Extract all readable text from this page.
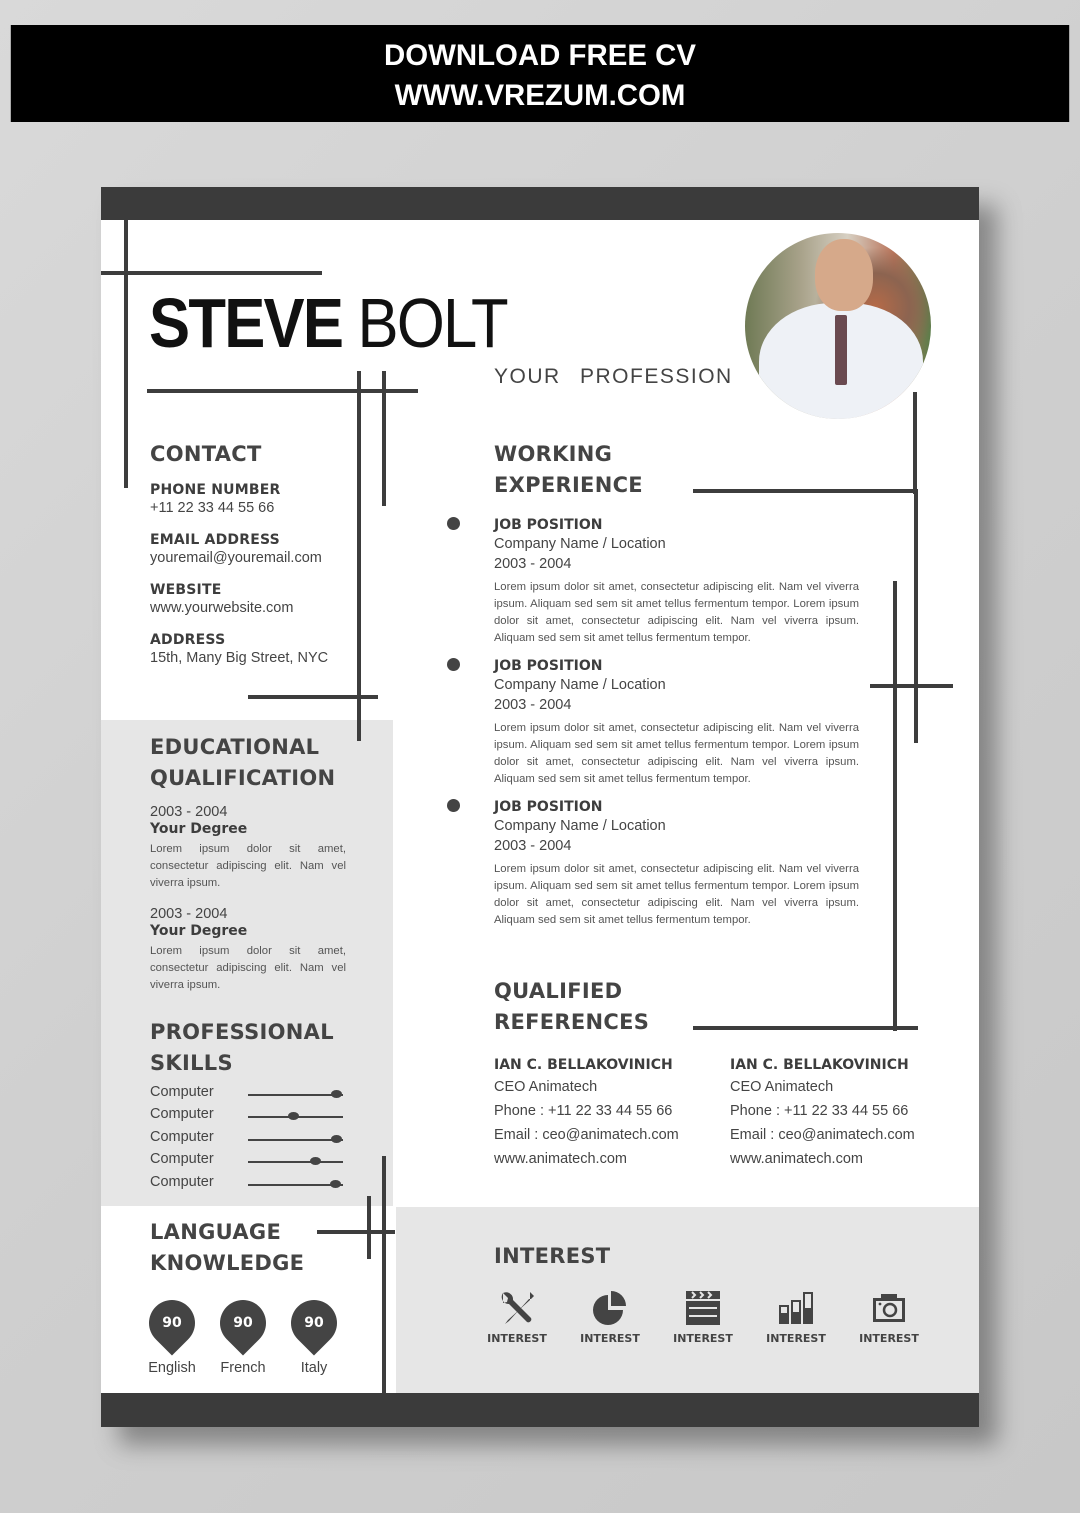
DOWNLOAD FREE CV
WWW.VREZUM.COM
STEVE BOLT
YOUR PROFESSION
CONTACT
PHONE NUMBER
+11 22 33 44 55 66
EMAIL ADDRESS
youremail@youremail.com
WEBSITE
www.yourwebsite.com
ADDRESS
15th, Many Big Street, NYC
EDUCATIONAL
QUALIFICATION
2003 - 2004
Your Degree
Lorem ipsum dolor sit amet, consectetur adipiscing elit. Nam vel viverra ipsum.
2003 - 2004
Your Degree
Lorem ipsum dolor sit amet, consectetur adipiscing elit. Nam vel viverra ipsum.
PROFESSIONAL
SKILLS
Computer
Computer
Computer
Computer
Computer
LANGUAGE
KNOWLEDGE
90
English
90
French
90
Italy
WORKING
EXPERIENCE
JOB POSITION
Company Name / Location
2003 - 2004
Lorem ipsum dolor sit amet, consectetur adipiscing elit. Nam vel viverra ipsum. Aliquam sed sem sit amet tellus fermentum tempor. Lorem ipsum dolor sit amet, consectetur adipiscing elit. Nam vel viverra ipsum. Aliquam sed sem sit amet tellus fermentum tempor.
JOB POSITION
Company Name / Location
2003 - 2004
Lorem ipsum dolor sit amet, consectetur adipiscing elit. Nam vel viverra ipsum. Aliquam sed sem sit amet tellus fermentum tempor. Lorem ipsum dolor sit amet, consectetur adipiscing elit. Nam vel viverra ipsum. Aliquam sed sem sit amet tellus fermentum tempor.
JOB POSITION
Company Name / Location
2003 - 2004
Lorem ipsum dolor sit amet, consectetur adipiscing elit. Nam vel viverra ipsum. Aliquam sed sem sit amet tellus fermentum tempor. Lorem ipsum dolor sit amet, consectetur adipiscing elit. Nam vel viverra ipsum. Aliquam sed sem sit amet tellus fermentum tempor.
QUALIFIED
REFERENCES
IAN C. BELLAKOVINICH
CEO Animatech
Phone : +11 22 33 44 55 66
Email : ceo@animatech.com
www.animatech.com
IAN C. BELLAKOVINICH
CEO Animatech
Phone : +11 22 33 44 55 66
Email : ceo@animatech.com
www.animatech.com
INTEREST
INTEREST	INTEREST	INTEREST	INTEREST	INTEREST
